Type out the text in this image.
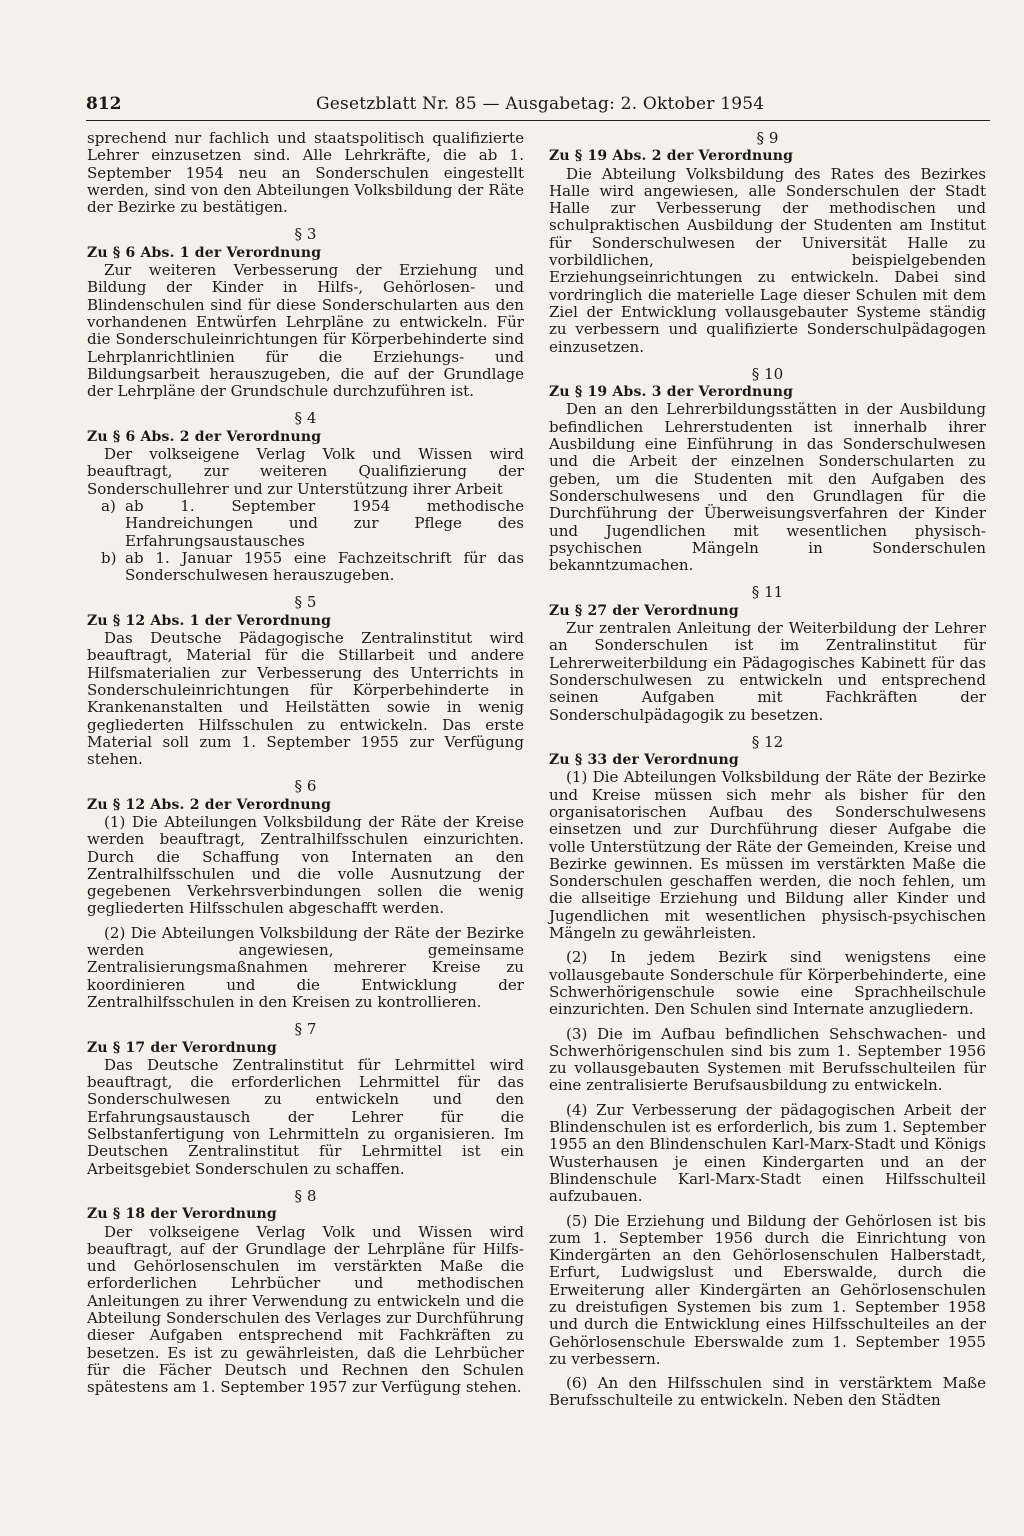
812	Gesetzblatt Nr. 85 — Ausgabetag: 2. Oktober 1954

sprechend nur fachlich und staatspolitisch qualifizierte Lehrer einzusetzen sind. Alle Lehrkräfte, die ab 1. September 1954 neu an Sonderschulen eingestellt werden, sind von den Abteilungen Volksbildung der Räte der Bezirke zu bestätigen.

§ 3

Zu § 6 Abs. 1 der Verordnung

Zur weiteren Verbesserung der Erziehung und Bildung der Kinder in Hilfs-, Gehörlosen- und Blindenschulen sind für diese Sonderschularten aus den vorhandenen Entwürfen Lehrpläne zu entwickeln. Für die Sonderschuleinrichtungen für Körperbehinderte sind Lehrplanrichtlinien für die Erziehungs- und Bildungsarbeit herauszugeben, die auf der Grundlage der Lehrpläne der Grundschule durchzuführen ist.

§ 4

Zu § 6 Abs. 2 der Verordnung

Der volkseigene Verlag Volk und Wissen wird beauftragt, zur weiteren Qualifizierung der Sonderschullehrer und zur Unterstützung ihrer Arbeit

a) ab 1. September 1954 methodische Handreichungen und zur Pflege des Erfahrungsaustausches
b) ab 1. Januar 1955 eine Fachzeitschrift für das Sonderschulwesen herauszugeben.
§ 5

Zu § 12 Abs. 1 der Verordnung

Das Deutsche Pädagogische Zentralinstitut wird beauftragt, Material für die Stillarbeit und andere Hilfsmaterialien zur Verbesserung des Unterrichts in Sonderschuleinrichtungen für Körperbehinderte in Krankenanstalten und Heilstätten sowie in wenig gegliederten Hilfsschulen zu entwickeln. Das erste Material soll zum 1. September 1955 zur Verfügung stehen.

§ 6

Zu § 12 Abs. 2 der Verordnung

(1) Die Abteilungen Volksbildung der Räte der Kreise werden beauftragt, Zentralhilfsschulen einzurichten. Durch die Schaffung von Internaten an den Zentralhilfsschulen und die volle Ausnutzung der gegebenen Verkehrsverbindungen sollen die wenig gegliederten Hilfsschulen abgeschafft werden.

(2) Die Abteilungen Volksbildung der Räte der Bezirke werden angewiesen, gemeinsame Zentralisierungsmaßnahmen mehrerer Kreise zu koordinieren und die Entwicklung der Zentralhilfsschulen in den Kreisen zu kontrollieren.

§ 7

Zu § 17 der Verordnung

Das Deutsche Zentralinstitut für Lehrmittel wird beauftragt, die erforderlichen Lehrmittel für das Sonderschulwesen zu entwickeln und den Erfahrungsaustausch der Lehrer für die Selbstanfertigung von Lehrmitteln zu organisieren. Im Deutschen Zentralinstitut für Lehrmittel ist ein Arbeitsgebiet Sonderschulen zu schaffen.

§ 8

Zu § 18 der Verordnung

Der volkseigene Verlag Volk und Wissen wird beauftragt, auf der Grundlage der Lehrpläne für Hilfs- und Gehörlosenschulen im verstärkten Maße die erforderlichen Lehrbücher und methodischen Anleitungen zu ihrer Verwendung zu entwickeln und die Abteilung Sonderschulen des Verlages zur Durchführung dieser Aufgaben entsprechend mit Fachkräften zu besetzen. Es ist zu gewährleisten, daß die Lehrbücher für die Fächer Deutsch und Rechnen den Schulen spätestens am 1. September 1957 zur Verfügung stehen.

§ 9

Zu § 19 Abs. 2 der Verordnung

Die Abteilung Volksbildung des Rates des Bezirkes Halle wird angewiesen, alle Sonderschulen der Stadt Halle zur Verbesserung der methodischen und schulpraktischen Ausbildung der Studenten am Institut für Sonderschulwesen der Universität Halle zu vorbildlichen, beispielgebenden Erziehungseinrichtungen zu entwickeln. Dabei sind vordringlich die materielle Lage dieser Schulen mit dem Ziel der Entwicklung vollausgebauter Systeme ständig zu verbessern und qualifizierte Sonderschulpädagogen einzusetzen.

§ 10

Zu § 19 Abs. 3 der Verordnung

Den an den Lehrerbildungsstätten in der Ausbildung befindlichen Lehrerstudenten ist innerhalb ihrer Ausbildung eine Einführung in das Sonderschulwesen und die Arbeit der einzelnen Sonderschularten zu geben, um die Studenten mit den Aufgaben des Sonderschulwesens und den Grundlagen für die Durchführung der Überweisungsverfahren der Kinder und Jugendlichen mit wesentlichen physisch-psychischen Mängeln in Sonderschulen bekanntzumachen.

§ 11

Zu § 27 der Verordnung

Zur zentralen Anleitung der Weiterbildung der Lehrer an Sonderschulen ist im Zentralinstitut für Lehrerweiterbildung ein Pädagogisches Kabinett für das Sonderschulwesen zu entwickeln und entsprechend seinen Aufgaben mit Fachkräften der Sonderschulpädagogik zu besetzen.

§ 12

Zu § 33 der Verordnung

(1) Die Abteilungen Volksbildung der Räte der Bezirke und Kreise müssen sich mehr als bisher für den organisatorischen Aufbau des Sonderschulwesens einsetzen und zur Durchführung dieser Aufgabe die volle Unterstützung der Räte der Gemeinden, Kreise und Bezirke gewinnen. Es müssen im verstärkten Maße die Sonderschulen geschaffen werden, die noch fehlen, um die allseitige Erziehung und Bildung aller Kinder und Jugendlichen mit wesentlichen physisch-psychischen Mängeln zu gewährleisten.

(2) In jedem Bezirk sind wenigstens eine vollausgebaute Sonderschule für Körperbehinderte, eine Schwerhörigenschule sowie eine Sprachheilschule einzurichten. Den Schulen sind Internate anzugliedern.

(3) Die im Aufbau befindlichen Sehschwachen- und Schwerhörigenschulen sind bis zum 1. September 1956 zu vollausgebauten Systemen mit Berufsschulteilen für eine zentralisierte Berufsausbildung zu entwickeln.

(4) Zur Verbesserung der pädagogischen Arbeit der Blindenschulen ist es erforderlich, bis zum 1. September 1955 an den Blindenschulen Karl-Marx-Stadt und Königs Wusterhausen je einen Kindergarten und an der Blindenschule Karl-Marx-Stadt einen Hilfsschulteil aufzubauen.

(5) Die Erziehung und Bildung der Gehörlosen ist bis zum 1. September 1956 durch die Einrichtung von Kindergärten an den Gehörlosenschulen Halberstadt, Erfurt, Ludwigslust und Eberswalde, durch die Erweiterung aller Kindergärten an Gehörlosenschulen zu dreistufigen Systemen bis zum 1. September 1958 und durch die Entwicklung eines Hilfsschulteiles an der Gehörlosenschule Eberswalde zum 1. September 1955 zu verbessern.

(6) An den Hilfsschulen sind in verstärktem Maße Berufsschulteile zu entwickeln. Neben den Städten
